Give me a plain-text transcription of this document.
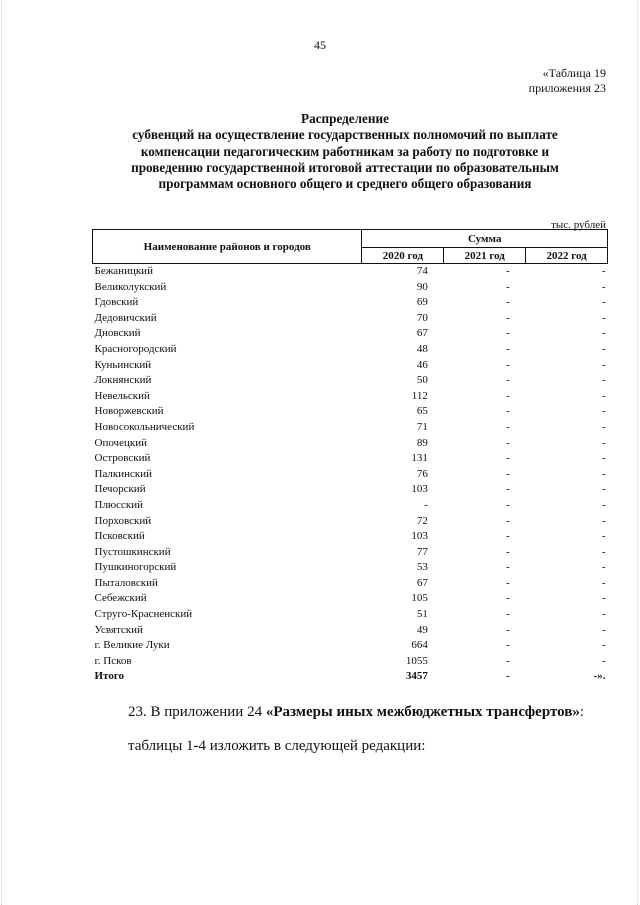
45
«Таблица 19
приложения 23
Распределение
субвенций на осуществление государственных полномочий по выплате
компенсации педагогическим работникам за работу по подготовке и
проведению государственной итоговой аттестации по образовательным
программам основного общего и среднего общего образования
тыс. рублей
Наименование районов и городов	Сумма		
	2020 год	2021 год	2022 год
Бежаницкий	74	-	-
Великолукский	90	-	-
Гдовский	69	-	-
Дедовичский	70	-	-
Дновский	67	-	-
Красногородский	48	-	-
Куньинский	46	-	-
Локнянский	50	-	-
Невельский	112	-	-
Новоржевский	65	-	-
Новосокольнический	71	-	-
Опочецкий	89	-	-
Островский	131	-	-
Палкинский	76	-	-
Печорский	103	-	-
Плюсский	-	-	-
Порховский	72	-	-
Псковский	103	-	-
Пустошкинский	77	-	-
Пушкиногорский	53	-	-
Пыталовский	67	-	-
Себежский	105	-	-
Струго-Красненский	51	-	-
Усвятский	49	-	-
г. Великие Луки	664	-	-
г. Псков	1055	-	-
Итого	3457	-	-».
23. В приложении 24 «Размеры иных межбюджетных трансфертов»:
таблицы 1-4 изложить в следующей редакции:
